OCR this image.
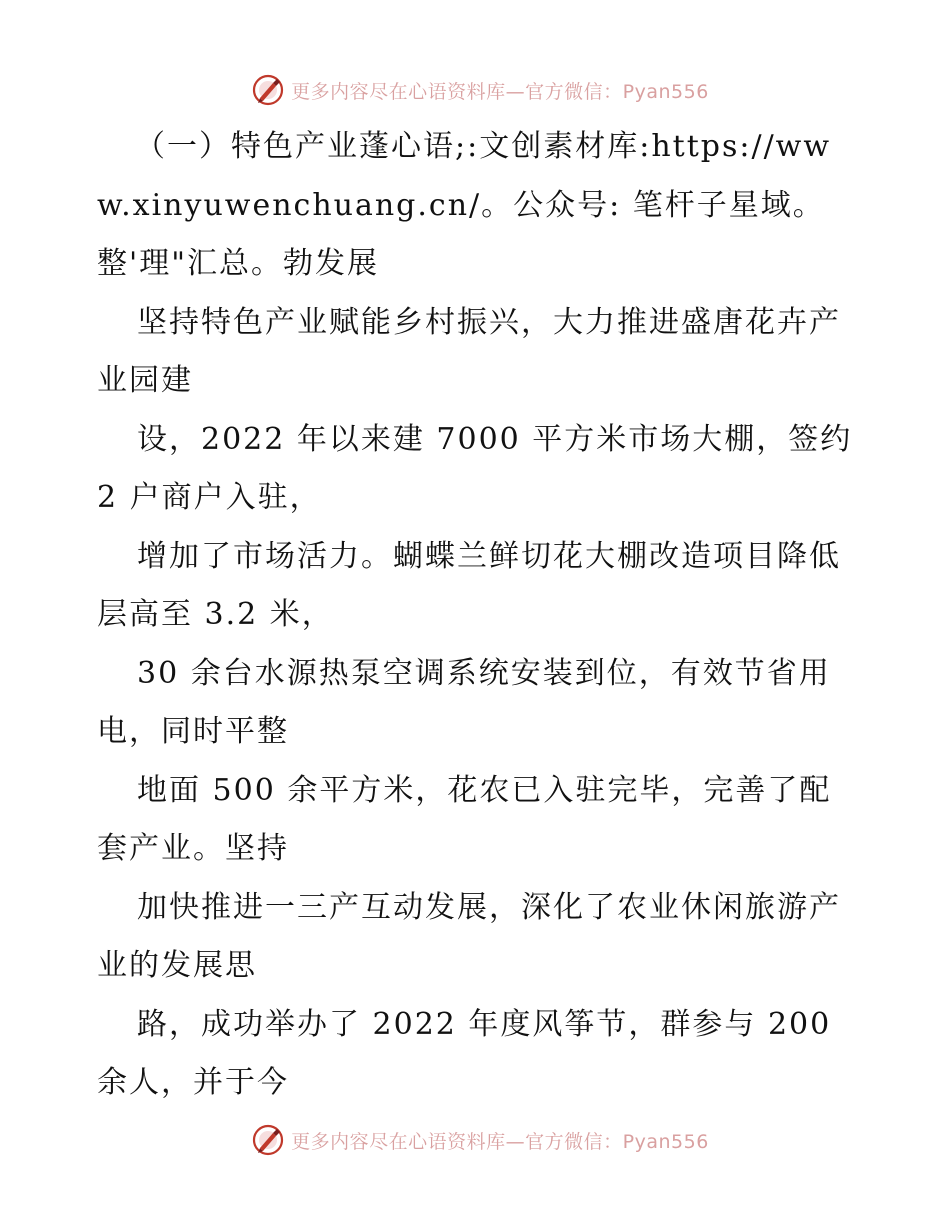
更多内容尽在心语资料库—官方微信：Pyan556

（一）特色产业蓬心语;:文创素材库:https://www.xinyuwenchuang.cn/。公众号: 笔杆子星域。整'理"汇总。勃发展

坚持特色产业赋能乡村振兴，大力推进盛唐花卉产业园建

设，2022 年以来建 7000 平方米市场大棚，签约 2 户商户入驻，

增加了市场活力。蝴蝶兰鲜切花大棚改造项目降低层高至 3.2 米，

30 余台水源热泵空调系统安装到位，有效节省用电，同时平整

地面 500 余平方米，花农已入驻完毕，完善了配套产业。坚持

加快推进一三产互动发展，深化了农业休闲旅游产业的发展思

路，成功举办了 2022 年度风筝节，群参与 200 余人，并于今

更多内容尽在心语资料库—官方微信：Pyan556
